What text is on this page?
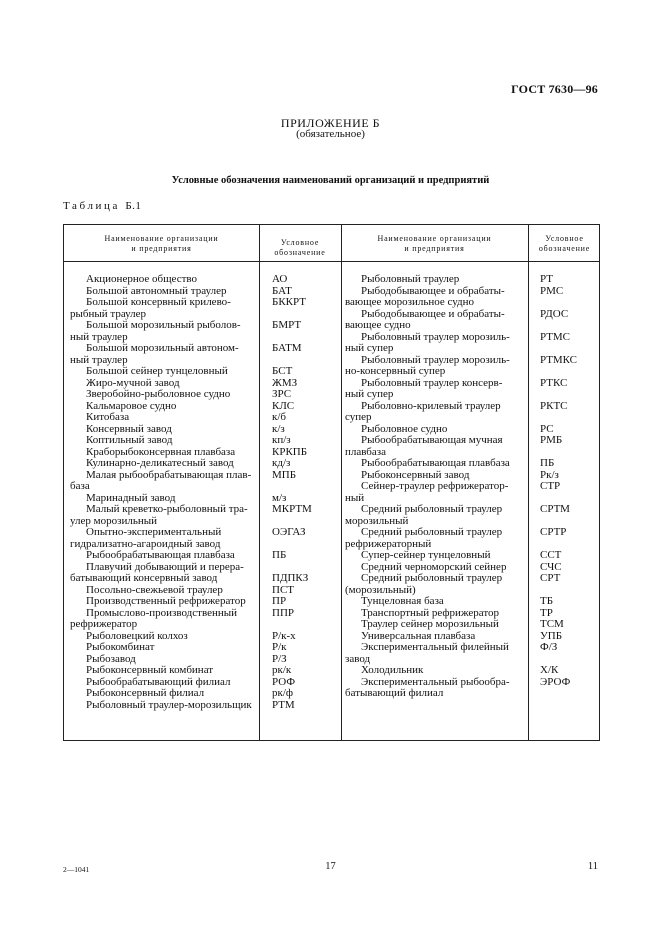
ГОСТ 7630—96
ПРИЛОЖЕНИЕ Б
(обязательное)
Условные обозначения наименований организаций и предприятий
Таблица Б.1
Наименование организации
и предприятия
Условное
обозначение
Наименование организации
и предприятия
Условное
обозначение
Акционерное общество	АО
Большой автономный траулер	БАТ
Большой консервный крилево-	БККРТ
рыбный траулер
Большой морозильный рыболов-	БМРТ
ный траулер
Большой морозильный автоном-	БАТМ
ный траулер
Большой сейнер тунцеловный	БСТ
Жиро-мучной завод	ЖМЗ
Зверобойно-рыболовное судно	ЗРС
Кальмаровое судно	КЛС
Китобаза	к/б
Консервный завод	к/з
Коптильный завод	кп/з
Крaборыбоконсервная плавбаза	КРКПБ
Кулинарно-деликатесный завод	кд/з
Малая рыбообрабатывающая плав- МПБ
база
Маринадный завод	м/з
Малый креветко-рыболовный тра- МКРТМ
улер морозильный
Опытно-экспериментальный	ОЭГАЗ
гидрализатно-агароидный завод
Рыбообрабатывающая плавбаза	ПБ
Плавучий добывающий и перера-
батывающий консервный завод	ПДПКЗ
Посольно-свежьевой траулер	ПСТ
Производственный рефрижератор ПР
Промыслово-производственный	ППР
рефрижератор
Рыболовецкий колхоз	Р/к-х
Рыбокомбинат	Р/к
Рыбозавод	Р/З
Рыбоконсервный комбинат	рк/к
Рыбообрабатывающий филиал	РОФ
Рыбоконсервный филиал	рк/ф
Рыболовный траулер-морозильщик РТМ
Рыболовный траулер	РТ
Рыбодобывающее и обрабаты-	РМС
вающее морозильное судно
Рыбодобывающее и обрабаты-	РДОС
вающее судно
Рыболовный траулер морозиль-	РТМС
ный супер
Рыболовный траулер морозиль-	РТМКС
но-консервный супер
Рыболовный траулер консерв-	РТКС
ный супер
Рыболовно-крилевый траулер	РКТС
супер
Рыболовное судно	РС
Рыбообрабатывающая мучная	РМБ
плавбаза
Рыбообрабатывающая плавбаза	ПБ
Рыбоконсервный завод	Рк/з
Сейнер-траулер рефрижератор-	СТР
ный
Средний рыболовный траулер	СРТМ
морозильный
Средний рыболовный траулер	СРТР
рефрижераторный
Супер-сейнер тунцеловный	ССТ
Средний черноморский сейнер	СЧС
Средний рыболовный траулер	СРТ
(морозильный)
Тунцеловная база	ТБ
Транспортный рефрижератор	ТР
Траулер сейнер морозильный	ТСМ
Универсальная плавбаза	УПБ
Экспериментальный филейный	Ф/З
завод
Холодильник	Х/К
Экспериментальный рыбообра-	ЭРОФ
батывающий филиал
2—1041	17	11
